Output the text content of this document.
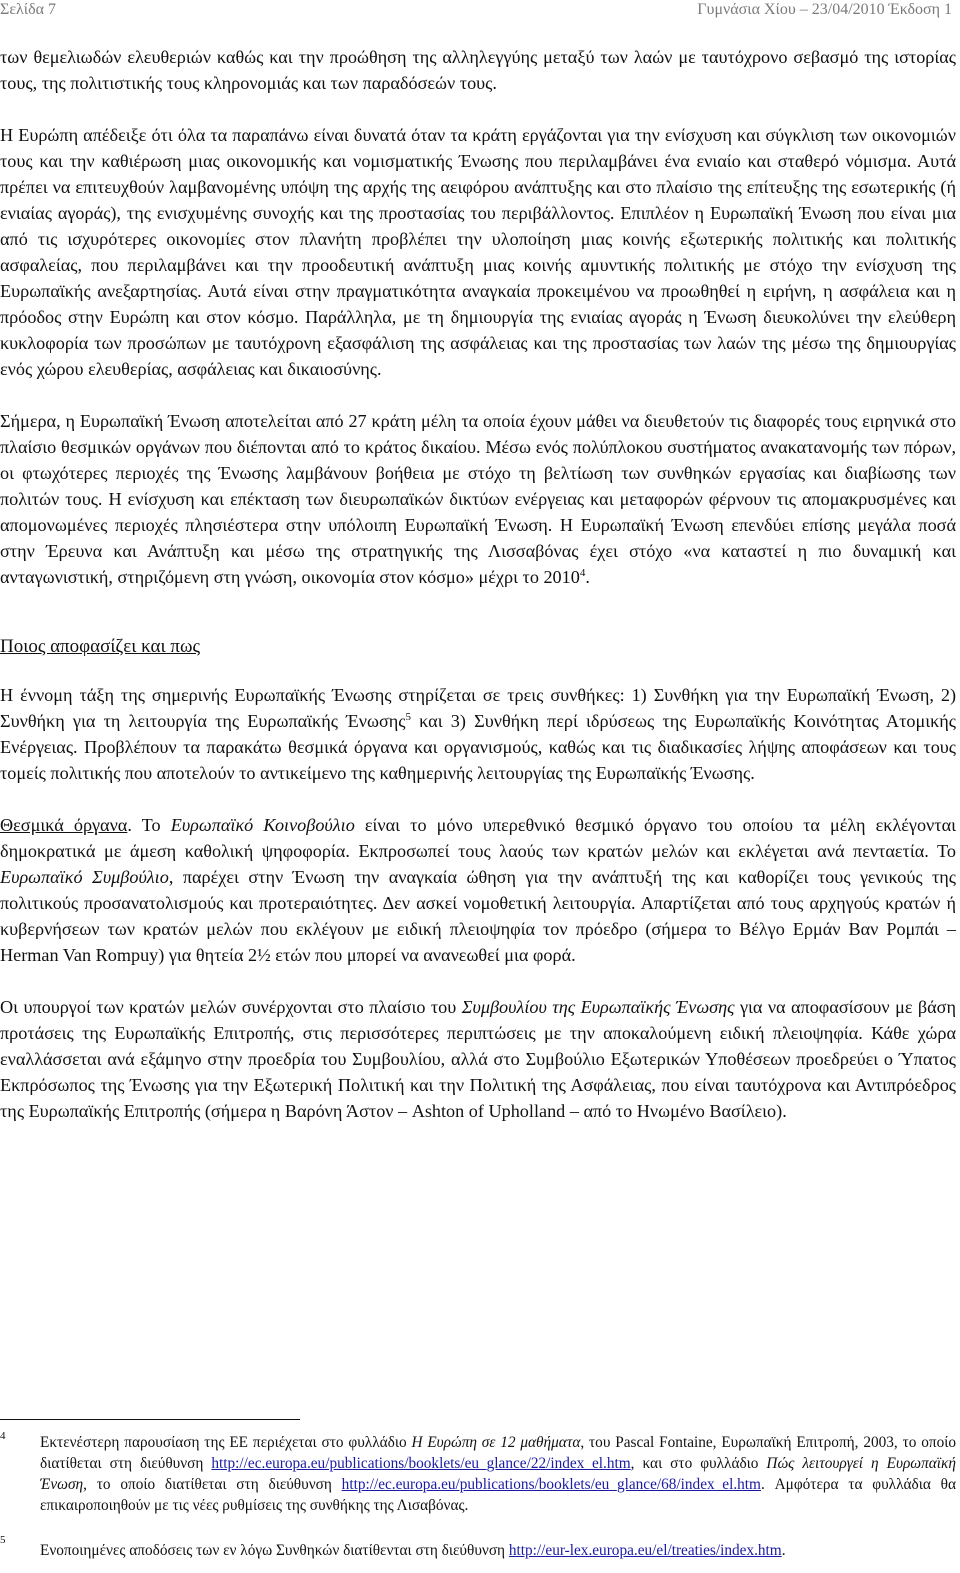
Σελίδα 7	Γυμνάσια Χίου – 23/04/2010 Έκδοση 1

των θεμελιωδών ελευθεριών καθώς και την προώθηση της αλληλεγγύης μεταξύ των λαών με ταυτόχρονο σεβασμό της ιστορίας τους, της πολιτιστικής τους κληρονομιάς και των παραδόσεών τους.

Η Ευρώπη απέδειξε ότι όλα τα παραπάνω είναι δυνατά όταν τα κράτη εργάζονται για την ενίσχυση και σύγκλιση των οικονομιών τους και την καθιέρωση μιας οικονομικής και νομισματικής Ένωσης που περιλαμβάνει ένα ενιαίο και σταθερό νόμισμα. Αυτά πρέπει να επιτευχθούν λαμβανομένης υπόψη της αρχής της αειφόρου ανάπτυξης και στο πλαίσιο της επίτευξης της εσωτερικής (ή ενιαίας αγοράς), της ενισχυμένης συνοχής και της προστασίας του περιβάλλοντος. Επιπλέον η Ευρωπαϊκή Ένωση που είναι μια από τις ισχυρότερες οικονομίες στον πλανήτη προβλέπει την υλοποίηση μιας κοινής εξωτερικής πολιτικής και πολιτικής ασφαλείας, που περιλαμβάνει και την προοδευτική ανάπτυξη μιας κοινής αμυντικής πολιτικής με στόχο την ενίσχυση της Ευρωπαϊκής ανεξαρτησίας. Αυτά είναι στην πραγματικότητα αναγκαία προκειμένου να προωθηθεί η ειρήνη, η ασφάλεια και η πρόοδος στην Ευρώπη και στον κόσμο. Παράλληλα, με τη δημιουργία της ενιαίας αγοράς η Ένωση διευκολύνει την ελεύθερη κυκλοφορία των προσώπων με ταυτόχρονη εξασφάλιση της ασφάλειας και της προστασίας των λαών της μέσω της δημιουργίας ενός χώρου ελευθερίας, ασφάλειας και δικαιοσύνης.

Σήμερα, η Ευρωπαϊκή Ένωση αποτελείται από 27 κράτη μέλη τα οποία έχουν μάθει να διευθετούν τις διαφορές τους ειρηνικά στο πλαίσιο θεσμικών οργάνων που διέπονται από το κράτος δικαίου. Μέσω ενός πολύπλοκου συστήματος ανακατανομής των πόρων, οι φτωχότερες περιοχές της Ένωσης λαμβάνουν βοήθεια με στόχο τη βελτίωση των συνθηκών εργασίας και διαβίωσης των πολιτών τους. Η ενίσχυση και επέκταση των διευρωπαϊκών δικτύων ενέργειας και μεταφορών φέρνουν τις απομακρυσμένες και απομονωμένες περιοχές πλησιέστερα στην υπόλοιπη Ευρωπαϊκή Ένωση. Η Ευρωπαϊκή Ένωση επενδύει επίσης μεγάλα ποσά στην Έρευνα και Ανάπτυξη και μέσω της στρατηγικής της Λισσαβόνας έχει στόχο «να καταστεί η πιο δυναμική και ανταγωνιστική, στηριζόμενη στη γνώση, οικονομία στον κόσμο» μέχρι το 2010$^4$.

Ποιος αποφασίζει και πως

Η έννομη τάξη της σημερινής Ευρωπαϊκής Ένωσης στηρίζεται σε τρεις συνθήκες: 1) Συνθήκη για την Ευρωπαϊκή Ένωση, 2) Συνθήκη για τη λειτουργία της Ευρωπαϊκής Ένωσης$^5$ και 3) Συνθήκη περί ιδρύσεως της Ευρωπαϊκής Κοινότητας Ατομικής Ενέργειας. Προβλέπουν τα παρακάτω θεσμικά όργανα και οργανισμούς, καθώς και τις διαδικασίες λήψης αποφάσεων και τους τομείς πολιτικής που αποτελούν το αντικείμενο της καθημερινής λειτουργίας της Ευρωπαϊκής Ένωσης.

Θεσμικά όργανα. Το Ευρωπαϊκό Κοινοβούλιο είναι το μόνο υπερεθνικό θεσμικό όργανο του οποίου τα μέλη εκλέγονται δημοκρατικά με άμεση καθολική ψηφοφορία. Εκπροσωπεί τους λαούς των κρατών μελών και εκλέγεται ανά πενταετία. Το Ευρωπαϊκό Συμβούλιο, παρέχει στην Ένωση την αναγκαία ώθηση για την ανάπτυξή της και καθορίζει τους γενικούς της πολιτικούς προσανατολισμούς και προτεραιότητες. Δεν ασκεί νομοθετική λειτουργία. Απαρτίζεται από τους αρχηγούς κρατών ή κυβερνήσεων των κρατών μελών που εκλέγουν με ειδική πλειοψηφία τον πρόεδρο (σήμερα το Βέλγο Ερμάν Βαν Ρομπάι – Herman Van Rompuy) για θητεία 2½ ετών που μπορεί να ανανεωθεί μια φορά.

Οι υπουργοί των κρατών μελών συνέρχονται στο πλαίσιο του Συμβουλίου της Ευρωπαϊκής Ένωσης για να αποφασίσουν με βάση προτάσεις της Ευρωπαϊκής Επιτροπής, στις περισσότερες περιπτώσεις με την αποκαλούμενη ειδική πλειοψηφία. Κάθε χώρα εναλλάσσεται ανά εξάμηνο στην προεδρία του Συμβουλίου, αλλά στο Συμβούλιο Εξωτερικών Υποθέσεων προεδρεύει ο Ύπατος Εκπρόσωπος της Ένωσης για την Εξωτερική Πολιτική και την Πολιτική της Ασφάλειας, που είναι ταυτόχρονα και Αντιπρόεδρος της Ευρωπαϊκής Επιτροπής (σήμερα η Βαρόνη Άστον – Ashton of Upholland – από το Ηνωμένο Βασίλειο).

4 Εκτενέστερη παρουσίαση της ΕΕ περιέχεται στο φυλλάδιο Η Ευρώπη σε 12 μαθήματα, του Pascal Fontaine, Ευρωπαϊκή Επιτροπή, 2003, το οποίο διατίθεται στη διεύθυνση http://ec.europa.eu/publications/booklets/eu_glance/22/index_el.htm, και στο φυλλάδιο Πώς λειτουργεί η Ευρωπαϊκή Ένωση, το οποίο διατίθεται στη διεύθυνση http://ec.europa.eu/publications/booklets/eu_glance/68/index_el.htm. Αμφότερα τα φυλλάδια θα επικαιροποιηθούν με τις νέες ρυθμίσεις της συνθήκης της Λισαβόνας.
5
Ενοποιημένες αποδόσεις των εν λόγω Συνθηκών διατίθενται στη διεύθυνση http://eur-lex.europa.eu/el/treaties/index.htm.
